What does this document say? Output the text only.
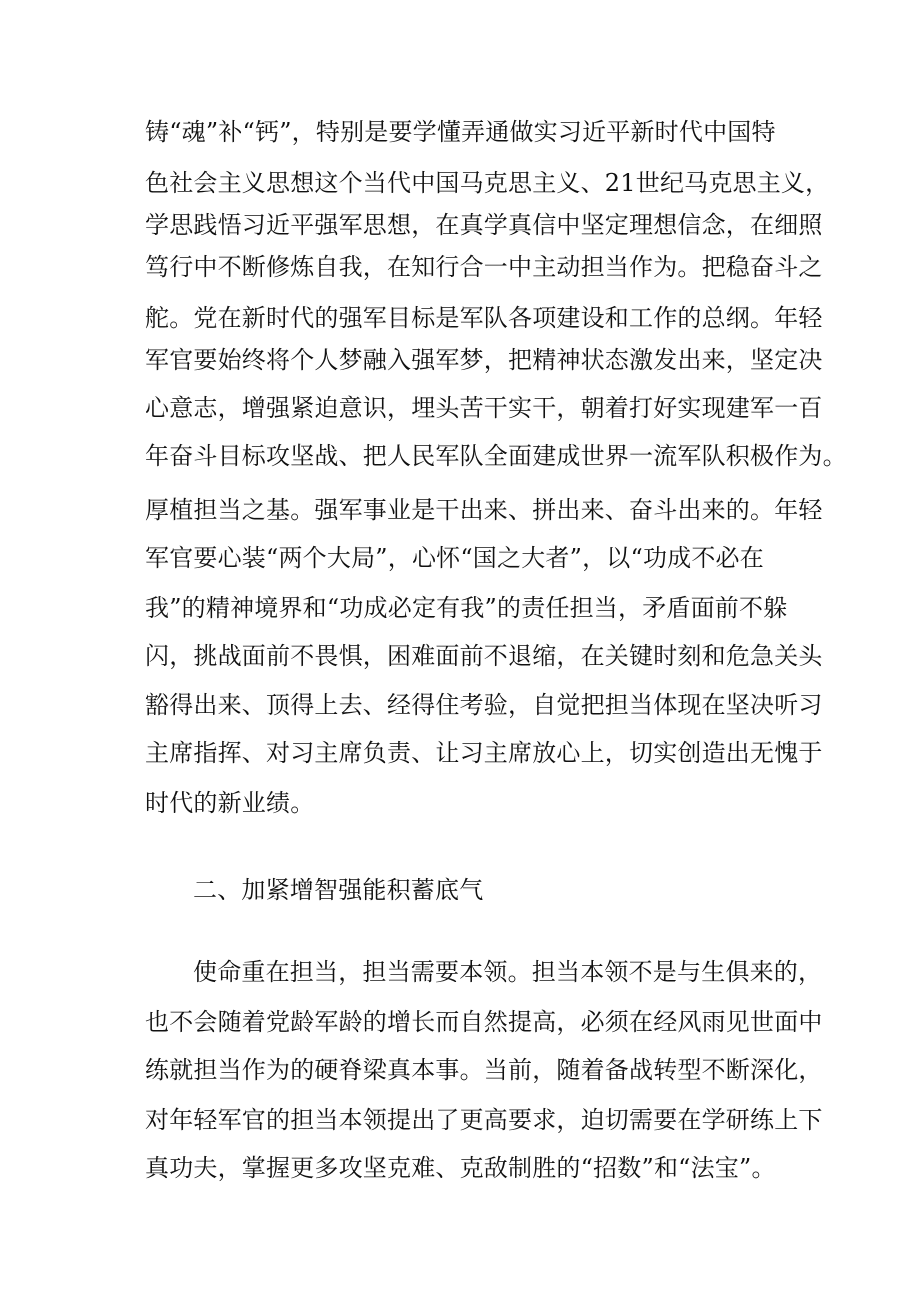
铸“魂”补“钙”，特别是要学懂弄通做实习近平新时代中国特
色社会主义思想这个当代中国马克思主义、21世纪马克思主义，
学思践悟习近平强军思想，在真学真信中坚定理想信念，在细照
笃行中不断修炼自我，在知行合一中主动担当作为。把稳奋斗之
舵。党在新时代的强军目标是军队各项建设和工作的总纲。年轻
军官要始终将个人梦融入强军梦，把精神状态激发出来，坚定决
心意志，增强紧迫意识，埋头苦干实干，朝着打好实现建军一百
年奋斗目标攻坚战、把人民军队全面建成世界一流军队积极作为。
厚植担当之基。强军事业是干出来、拼出来、奋斗出来的。年轻
军官要心装“两个大局”，心怀“国之大者”，以“功成不必在
我”的精神境界和“功成必定有我”的责任担当，矛盾面前不躲
闪，挑战面前不畏惧，困难面前不退缩，在关键时刻和危急关头
豁得出来、顶得上去、经得住考验，自觉把担当体现在坚决听习
主席指挥、对习主席负责、让习主席放心上，切实创造出无愧于
时代的新业绩。
二、加紧增智强能积蓄底气
使命重在担当，担当需要本领。担当本领不是与生俱来的，
也不会随着党龄军龄的增长而自然提高，必须在经风雨见世面中
练就担当作为的硬脊梁真本事。当前，随着备战转型不断深化，
对年轻军官的担当本领提出了更高要求，迫切需要在学研练上下
真功夫，掌握更多攻坚克难、克敌制胜的“招数”和“法宝”。
